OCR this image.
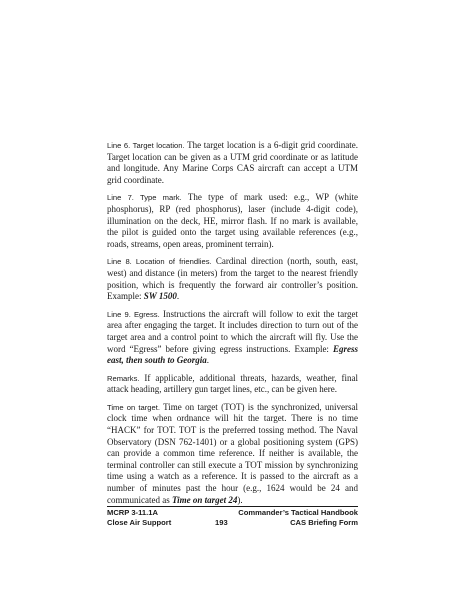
Line 6. Target location. The target location is a 6-digit grid coordinate. Target location can be given as a UTM grid coordinate or as latitude and longitude. Any Marine Corps CAS aircraft can accept a UTM grid coordinate.

Line 7. Type mark. The type of mark used: e.g., WP (white phosphorus), RP (red phosphorus), laser (include 4-digit code), illumination on the deck, HE, mirror flash. If no mark is available, the pilot is guided onto the target using available references (e.g., roads, streams, open areas, prominent terrain).

Line 8. Location of friendlies. Cardinal direction (north, south, east, west) and distance (in meters) from the target to the nearest friendly position, which is frequently the forward air controller’s position. Example: SW 1500.

Line 9. Egress. Instructions the aircraft will follow to exit the target area after engaging the target. It includes direction to turn out of the target area and a control point to which the aircraft will fly. Use the word “Egress” before giving egress instructions. Example: Egress east, then south to Georgia.

Remarks. If applicable, additional threats, hazards, weather, final attack heading, artillery gun target lines, etc., can be given here.

Time on target. Time on target (TOT) is the synchronized, universal clock time when ordnance will hit the target. There is no time “HACK” for TOT. TOT is the preferred tossing method. The Naval Observatory (DSN 762-1401) or a global positioning system (GPS) can provide a common time reference. If neither is available, the terminal controller can still execute a TOT mission by synchronizing time using a watch as a reference. It is passed to the aircraft as a number of minutes past the hour (e.g., 1624 would be 24 and communicated as Time on target 24).

MCRP 3-11.1A	Commander’s Tactical Handbook
Close Air Support	193	CAS Briefing Form
